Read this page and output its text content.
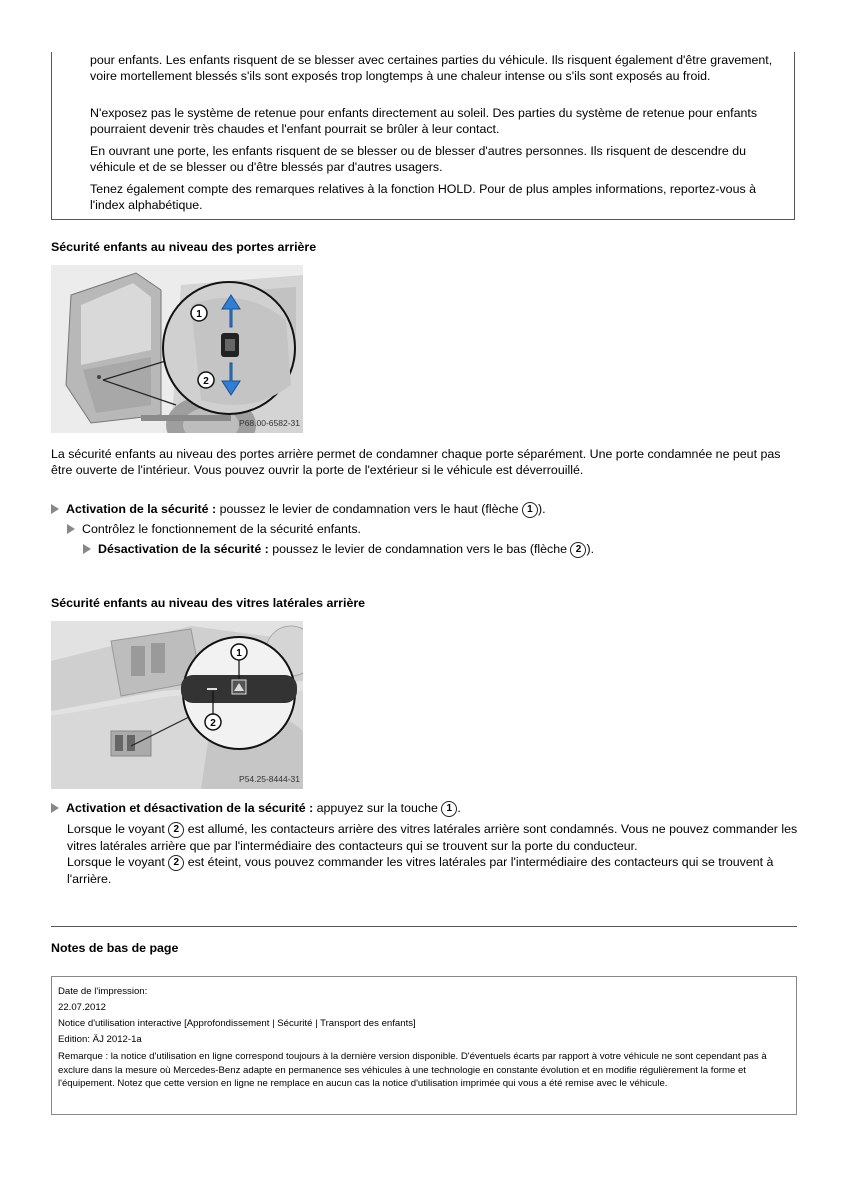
pour enfants. Les enfants risquent de se blesser avec certaines parties du véhicule. Ils risquent également d'être gravement, voire mortellement blessés s'ils sont exposés trop longtemps à une chaleur intense ou s'ils sont exposés au froid.

N'exposez pas le système de retenue pour enfants directement au soleil. Des parties du système de retenue pour enfants pourraient devenir très chaudes et l'enfant pourrait se brûler à leur contact.

En ouvrant une porte, les enfants risquent de se blesser ou de blesser d'autres personnes. Ils risquent de descendre du véhicule et de se blesser ou d'être blessés par d'autres usagers.

Tenez également compte des remarques relatives à la fonction HOLD. Pour de plus amples informations, reportez-vous à l'index alphabétique.

Sécurité enfants au niveau des portes arrière
1
2
P68.00-6582-31

La sécurité enfants au niveau des portes arrière permet de condamner chaque porte séparément. Une porte condamnée ne peut pas être ouverte de l'intérieur. Vous pouvez ouvrir la porte de l'extérieur si le véhicule est déverrouillé.

Activation de la sécurité : poussez le levier de condamnation vers le haut (flèche 1 ).
Contrôlez le fonctionnement de la sécurité enfants.
Désactivation de la sécurité : poussez le levier de condamnation vers le bas (flèche 2 ).
Sécurité enfants au niveau des vitres latérales arrière
1
2
P54.25-8444-31
Activation et désactivation de la sécurité : appuyez sur la touche 1 .

Lorsque le voyant 2 est allumé, les contacteurs arrière des vitres latérales arrière sont condamnés. Vous ne pouvez commander les vitres latérales arrière que par l'intermédiaire des contacteurs qui se trouvent sur la porte du conducteur.

Lorsque le voyant 2 est éteint, vous pouvez commander les vitres latérales par l'intermédiaire des contacteurs qui se trouvent à l'arrière.

Notes de bas de page
Date de l'impression:
22.07.2012
Notice d'utilisation interactive [Approfondissement | Sécurité | Transport des enfants]
Edition: ÄJ 2012-1a
Remarque : la notice d'utilisation en ligne correspond toujours à la dernière version disponible. D'éventuels écarts par rapport à votre véhicule ne sont cependant pas à exclure dans la mesure où Mercedes-Benz adapte en permanence ses véhicules à une technologie en constante évolution et en modifie régulièrement la forme et l'équipement. Notez que cette version en ligne ne remplace en aucun cas la notice d'utilisation imprimée qui vous a été remise avec le véhicule.
